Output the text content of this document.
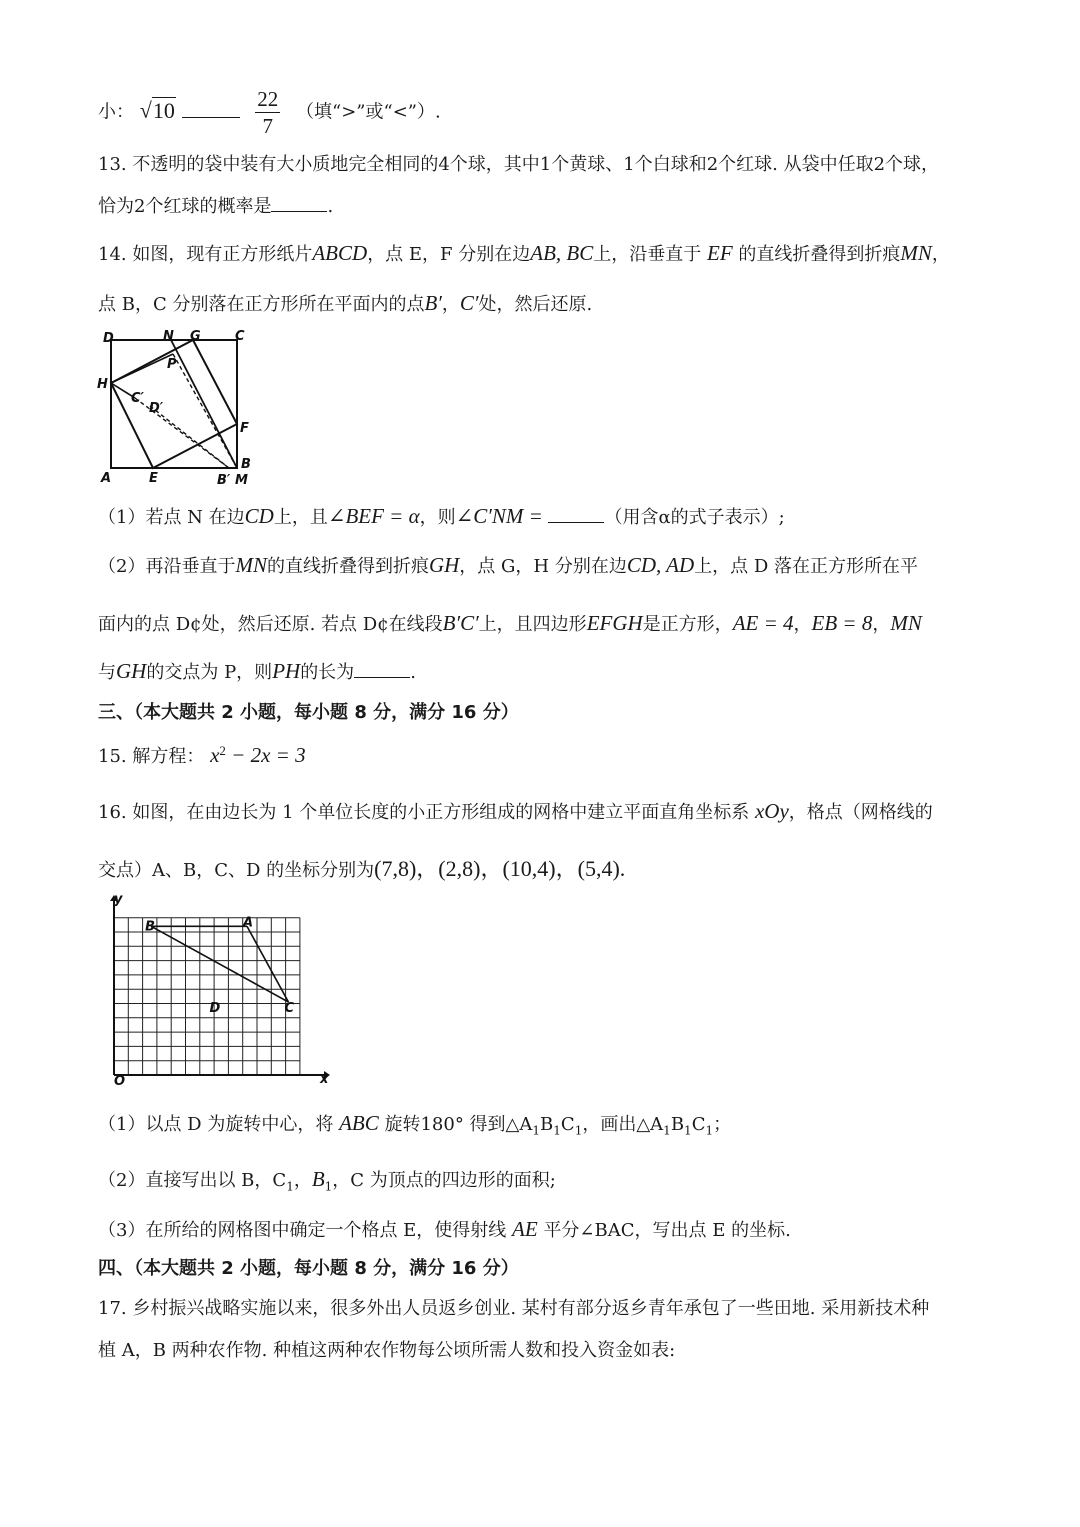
小： √10	$\frac{22}{7}$ （填“>”或“<”）.
13. 不透明的袋中装有大小质地完全相同的4个球，其中1个黄球、1个白球和2个红球. 从袋中任取2个球，
恰为2个红球的概率是	.
14. 如图，现有正方形纸片ABCD，点 E，F 分别在边AB, BC上，沿垂直于 EF 的直线折叠得到折痕MN，
点 B，C 分别落在正方形所在平面内的点B′，C′处，然后还原.
D	N G	C
P
H
C′
D′
F
A	E
B
B′ M
（1）若点 N 在边CD上，且∠BEF = α，则∠C′NM =	（用含α的式子表示）;
（2）再沿垂直于MN的直线折叠得到折痕GH，点 G，H 分别在边CD, AD上，点 D 落在正方形所在平
面内的点 D¢处，然后还原. 若点 D¢在线段B′C′上，且四边形EFGH是正方形，AE = 4，EB = 8，MN
与GH的交点为 P，则PH的长为	.
三、（本大题共 2 小题，每小题 8 分，满分 16 分）
15. 解方程： $x^2 - 2x = 3$
16. 如图，在由边长为 1 个单位长度的小正方形组成的网格中建立平面直角坐标系 xOy，格点（网格线的
交点）A、B，C、D 的坐标分别为(7,8)，(2,8)，(10,4)，(5,4).
y
x
O
A
B
C
D
（1）以点 D 为旋转中心，将 ABC 旋转180° 得到$\triangle A_1B_1C_1$，画出$\triangle A_1B_1C_1$；
（2）直接写出以 B，$C_1$，$B_1$，C 为顶点的四边形的面积;
（3）在所给的网格图中确定一个格点 E，使得射线 AE 平分∠BAC，写出点 E 的坐标.
四、（本大题共 2 小题，每小题 8 分，满分 16 分）
17. 乡村振兴战略实施以来，很多外出人员返乡创业. 某村有部分返乡青年承包了一些田地. 采用新技术种
植 A，B 两种农作物. 种植这两种农作物每公顷所需人数和投入资金如表:
